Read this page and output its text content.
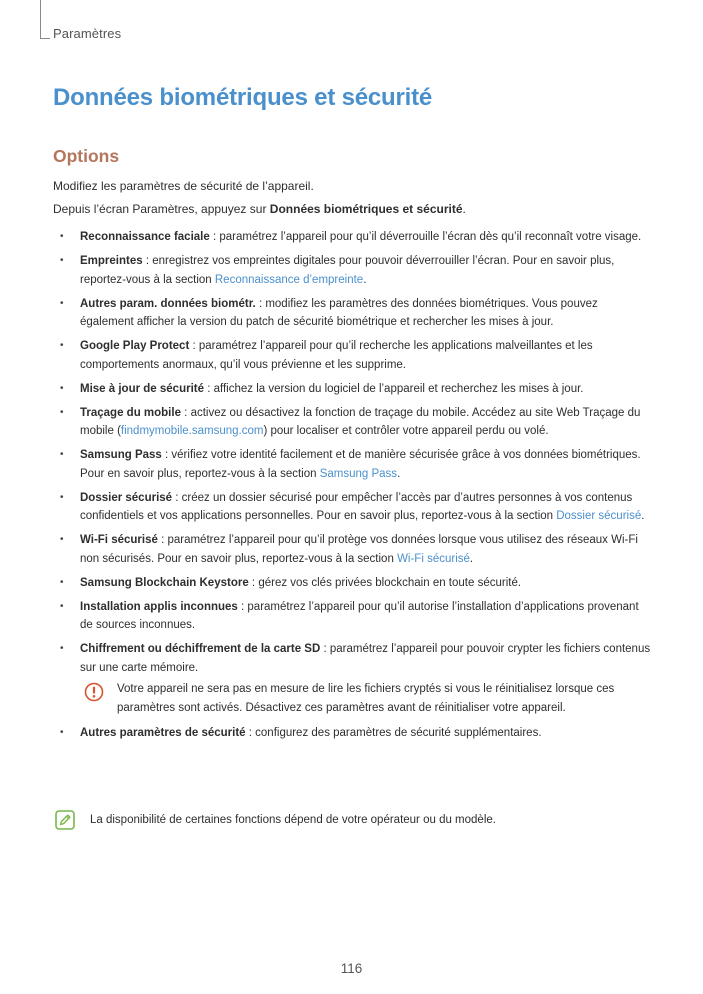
Paramètres
Données biométriques et sécurité
Options
Modifiez les paramètres de sécurité de l’appareil.
Depuis l’écran Paramètres, appuyez sur Données biométriques et sécurité.
• Reconnaissance faciale : paramétrez l’appareil pour qu’il déverrouille l’écran dès qu’il reconnaît votre visage.
• Empreintes : enregistrez vos empreintes digitales pour pouvoir déverrouiller l’écran. Pour en savoir plus, reportez-vous à la section Reconnaissance d’empreinte.
• Autres param. données biométr. : modifiez les paramètres des données biométriques. Vous pouvez également afficher la version du patch de sécurité biométrique et rechercher les mises à jour.
• Google Play Protect : paramétrez l’appareil pour qu’il recherche les applications malveillantes et les comportements anormaux, qu’il vous prévienne et les supprime.
• Mise à jour de sécurité : affichez la version du logiciel de l’appareil et recherchez les mises à jour.
• Traçage du mobile : activez ou désactivez la fonction de traçage du mobile. Accédez au site Web Traçage du mobile (findmymobile.samsung.com) pour localiser et contrôler votre appareil perdu ou volé.
• Samsung Pass : vérifiez votre identité facilement et de manière sécurisée grâce à vos données biométriques. Pour en savoir plus, reportez-vous à la section Samsung Pass.
• Dossier sécurisé : créez un dossier sécurisé pour empêcher l’accès par d’autres personnes à vos contenus confidentiels et vos applications personnelles. Pour en savoir plus, reportez-vous à la section Dossier sécurisé.
• Wi-Fi sécurisé : paramétrez l’appareil pour qu’il protège vos données lorsque vous utilisez des réseaux Wi-Fi non sécurisés. Pour en savoir plus, reportez-vous à la section Wi-Fi sécurisé.
• Samsung Blockchain Keystore : gérez vos clés privées blockchain en toute sécurité.
• Installation applis inconnues : paramétrez l’appareil pour qu’il autorise l’installation d’applications provenant de sources inconnues.
• Chiffrement ou déchiffrement de la carte SD : paramétrez l’appareil pour pouvoir crypter les fichiers contenus sur une carte mémoire.
Votre appareil ne sera pas en mesure de lire les fichiers cryptés si vous le réinitialisez lorsque ces paramètres sont activés. Désactivez ces paramètres avant de réinitialiser votre appareil.
• Autres paramètres de sécurité : configurez des paramètres de sécurité supplémentaires.
La disponibilité de certaines fonctions dépend de votre opérateur ou du modèle.
116
